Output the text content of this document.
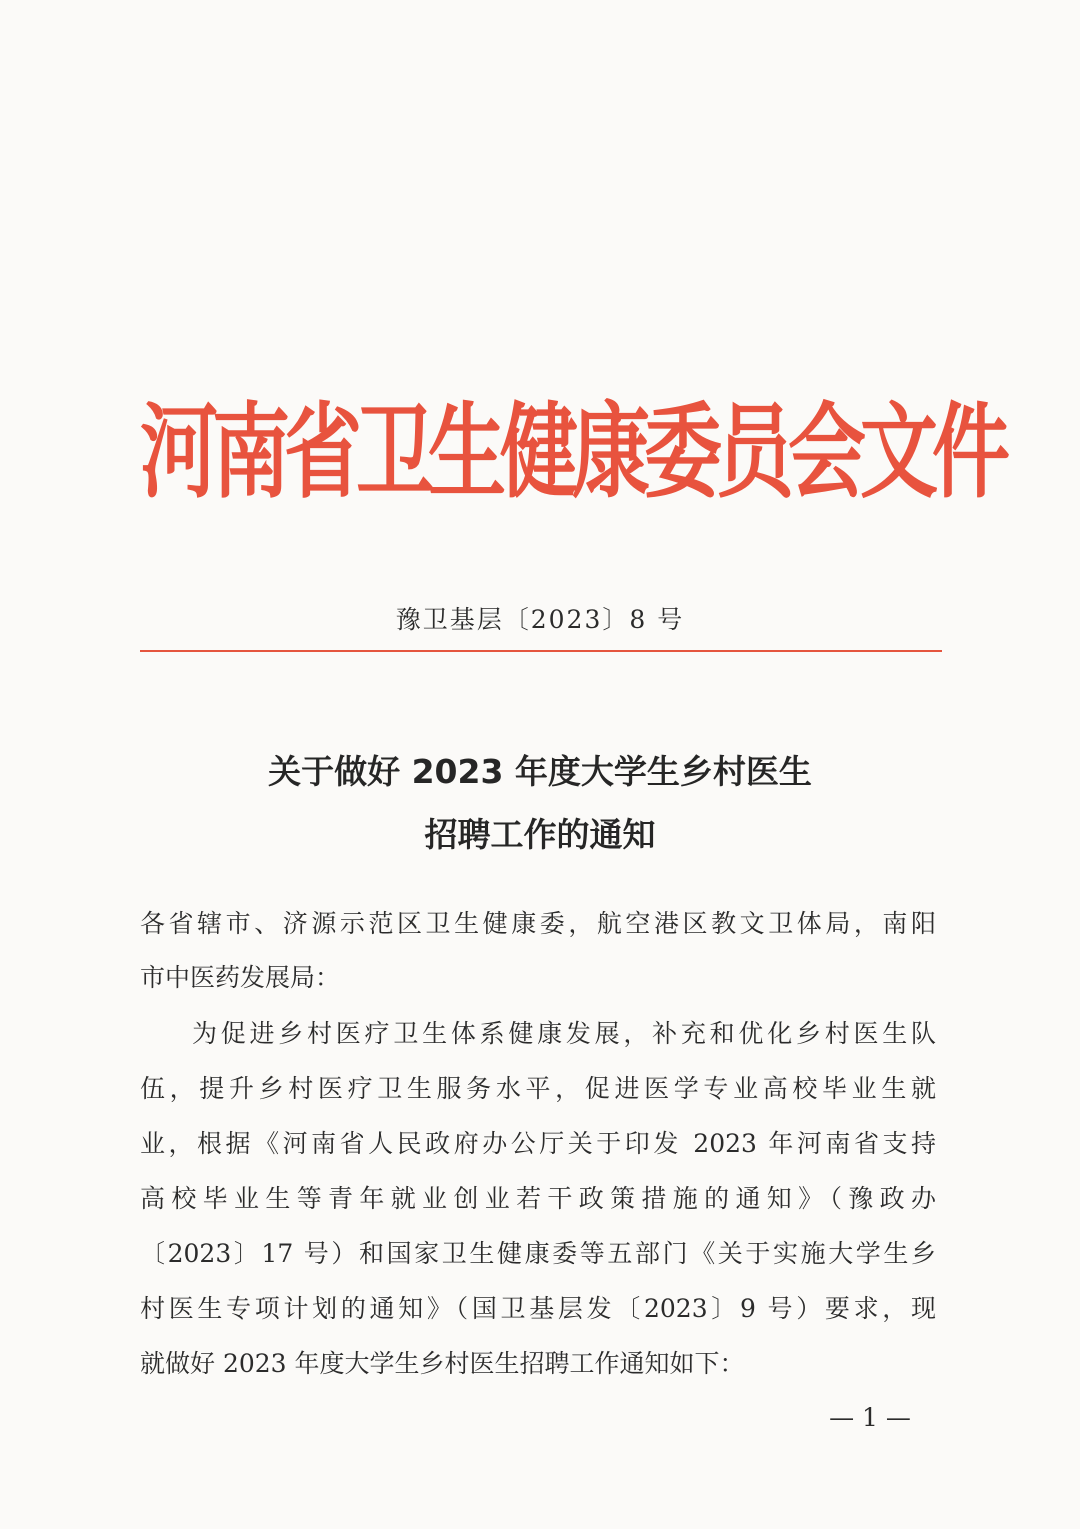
河南省卫生健康委员会文件
豫卫基层〔2023〕8 号
关于做好 2023 年度大学生乡村医生
招聘工作的通知
各省辖市、济源示范区卫生健康委，航空港区教文卫体局，南阳
市中医药发展局：
为促进乡村医疗卫生体系健康发展，补充和优化乡村医生队
伍，提升乡村医疗卫生服务水平，促进医学专业高校毕业生就
业，根据《河南省人民政府办公厅关于印发 2023 年河南省支持
高校毕业生等青年就业创业若干政策措施的通知》（豫政办
〔2023〕17 号）和国家卫生健康委等五部门《关于实施大学生乡
村医生专项计划的通知》（国卫基层发〔2023〕9 号）要求，现
就做好 2023 年度大学生乡村医生招聘工作通知如下：
— 1 —
